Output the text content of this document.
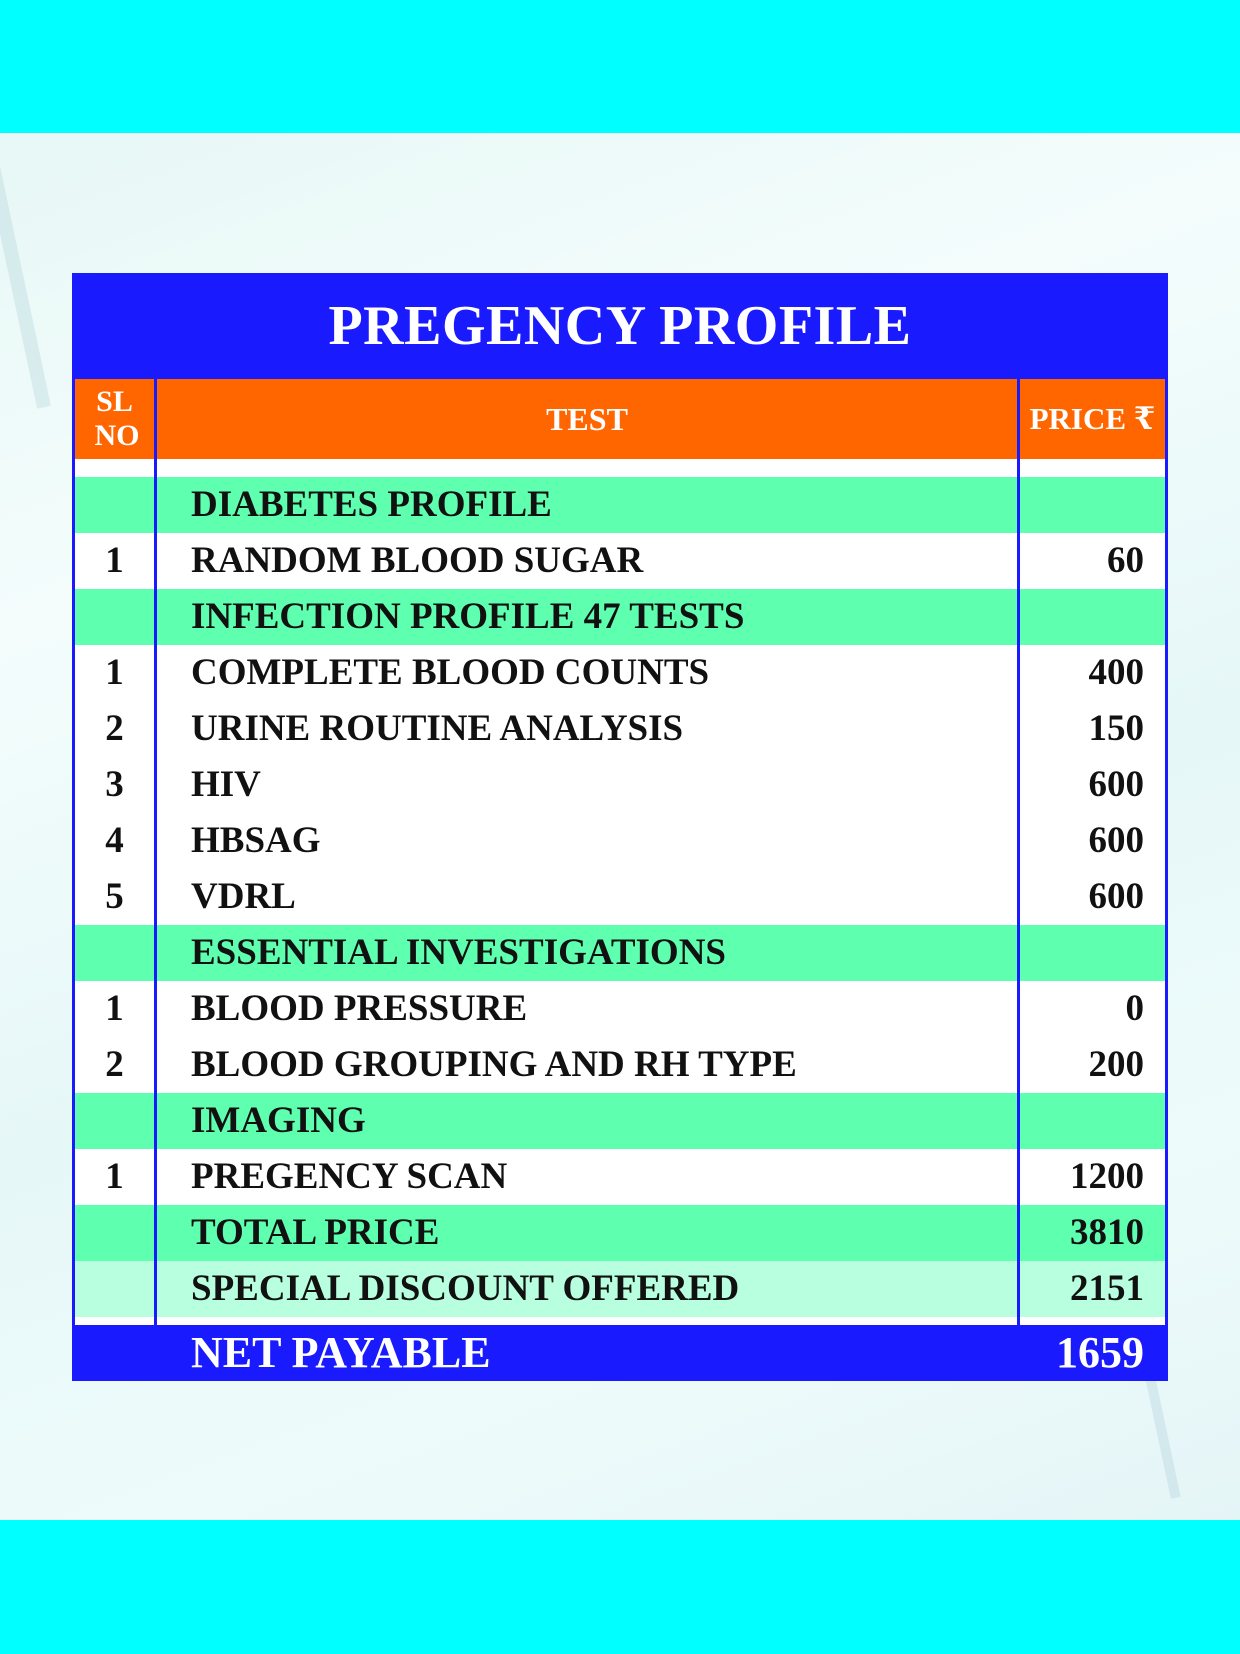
PREGENCY PROFILE
SL NO	TEST	PRICE ₹
DIABETES PROFILE
1	RANDOM BLOOD SUGAR	60
INFECTION PROFILE 47 TESTS
1	COMPLETE BLOOD COUNTS	400
2	URINE ROUTINE ANALYSIS	150
3	HIV	600
4	HBSAG	600
5	VDRL	600
ESSENTIAL INVESTIGATIONS
1	BLOOD PRESSURE	0
2	BLOOD GROUPING AND RH TYPE	200
IMAGING
1	PREGENCY SCAN	1200
TOTAL PRICE	3810
SPECIAL DISCOUNT OFFERED	2151
NET PAYABLE	1659
